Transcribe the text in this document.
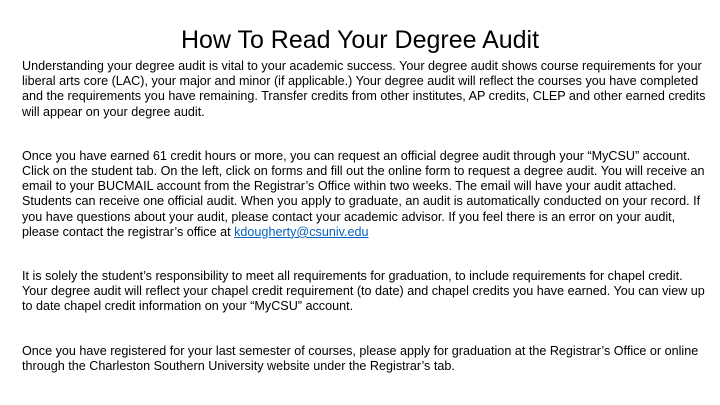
How To Read Your Degree Audit

Understanding your degree audit is vital to your academic success. Your degree audit shows course requirements for your liberal arts core (LAC), your major and minor (if applicable.) Your degree audit will reflect the courses you have completed and the requirements you have remaining. Transfer credits from other institutes, AP credits, CLEP and other earned credits will appear on your degree audit.

Once you have earned 61 credit hours or more, you can request an official degree audit through your “MyCSU” account. Click on the student tab. On the left, click on forms and fill out the online form to request a degree audit. You will receive an email to your BUCMAIL account from the Registrar’s Office within two weeks. The email will have your audit attached. Students can receive one official audit. When you apply to graduate, an audit is automatically conducted on your record. If you have questions about your audit, please contact your academic advisor. If you feel there is an error on your audit, please contact the registrar’s office at kdougherty@csuniv.edu

It is solely the student’s responsibility to meet all requirements for graduation, to include requirements for chapel credit. Your degree audit will reflect your chapel credit requirement (to date) and chapel credits you have earned. You can view up to date chapel credit information on your “MyCSU” account.

Once you have registered for your last semester of courses, please apply for graduation at the Registrar’s Office or online through the Charleston Southern University website under the Registrar’s tab.
